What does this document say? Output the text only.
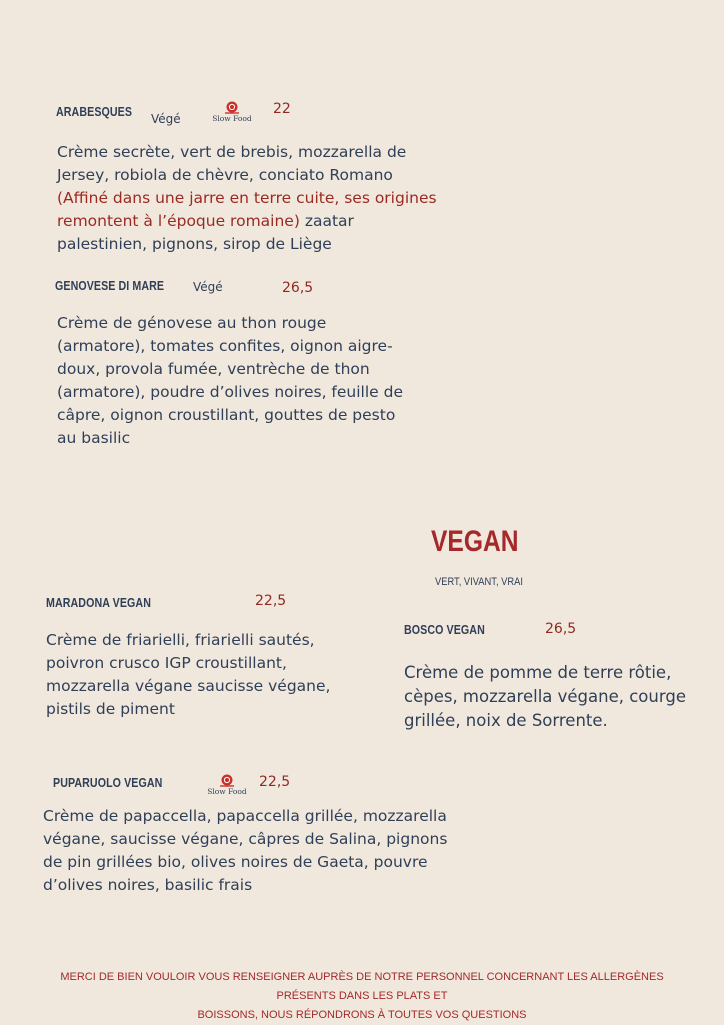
ARABESQUES Végé	Slow Food
22
Crème secrète, vert de brebis, mozzarella de Jersey, robiola de chèvre, conciato Romano (Affiné dans une jarre en terre cuite, ses origines remontent à l’époque romaine) zaatar palestinien, pignons, sirop de Liège
GENOVESE DI MARE Végé	26,5
Crème de génovese au thon rouge (armatore), tomates confites, oignon aigre-doux, provola fumée, ventrèche de thon (armatore), poudre d’olives noires, feuille de câpre, oignon croustillant, gouttes de pesto au basilic
VEGAN
VERT, VIVANT, VRAI
MARADONA VEGAN	22,5
Crème de friarielli, friarielli sautés, poivron crusco IGP croustillant, mozzarella végane saucisse végane, pistils de piment
BOSCO VEGAN	26,5
Crème de pomme de terre rôtie, cèpes, mozzarella végane, courge grillée, noix de Sorrente.
PUPARUOLO VEGAN
Slow Food
22,5
Crème de papaccella, papaccella grillée, mozzarella végane, saucisse végane, câpres de Salina, pignons de pin grillées bio, olives noires de Gaeta, pouvre d’olives noires, basilic frais
MERCI DE BIEN VOULOIR VOUS RENSEIGNER AUPRÈS DE NOTRE PERSONNEL CONCERNANT LES ALLERGÈNES PRÉSENTS DANS LES PLATS ET
BOISSONS, NOUS RÉPONDRONS À TOUTES VOS QUESTIONS
